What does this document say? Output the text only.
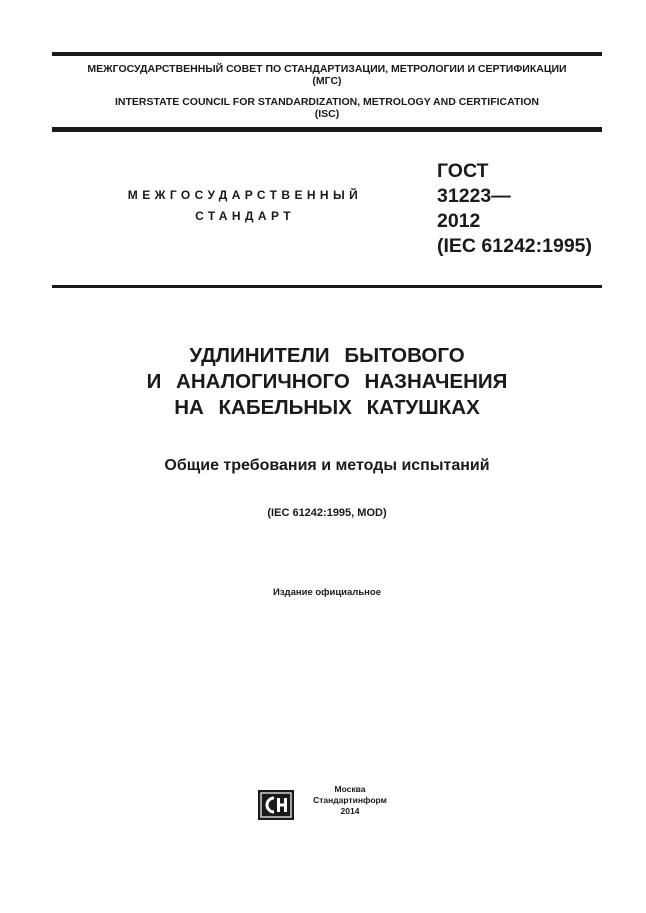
МЕЖГОСУДАРСТВЕННЫЙ СОВЕТ ПО СТАНДАРТИЗАЦИИ, МЕТРОЛОГИИ И СЕРТИФИКАЦИИ
(МГС)
INTERSTATE COUNCIL FOR STANDARDIZATION, METROLOGY AND CERTIFICATION
(ISC)
МЕЖГОСУДАРСТВЕННЫЙ
СТАНДАРТ
ГОСТ
31223—
2012
(IEC 61242:1995)
УДЛИНИТЕЛИ БЫТОВОГО
И АНАЛОГИЧНОГО НАЗНАЧЕНИЯ
НА КАБЕЛЬНЫХ КАТУШКАХ
Общие требования и методы испытаний
(IEC 61242:1995, MOD)
Издание официальное
Москва
Стандартинформ
2014
